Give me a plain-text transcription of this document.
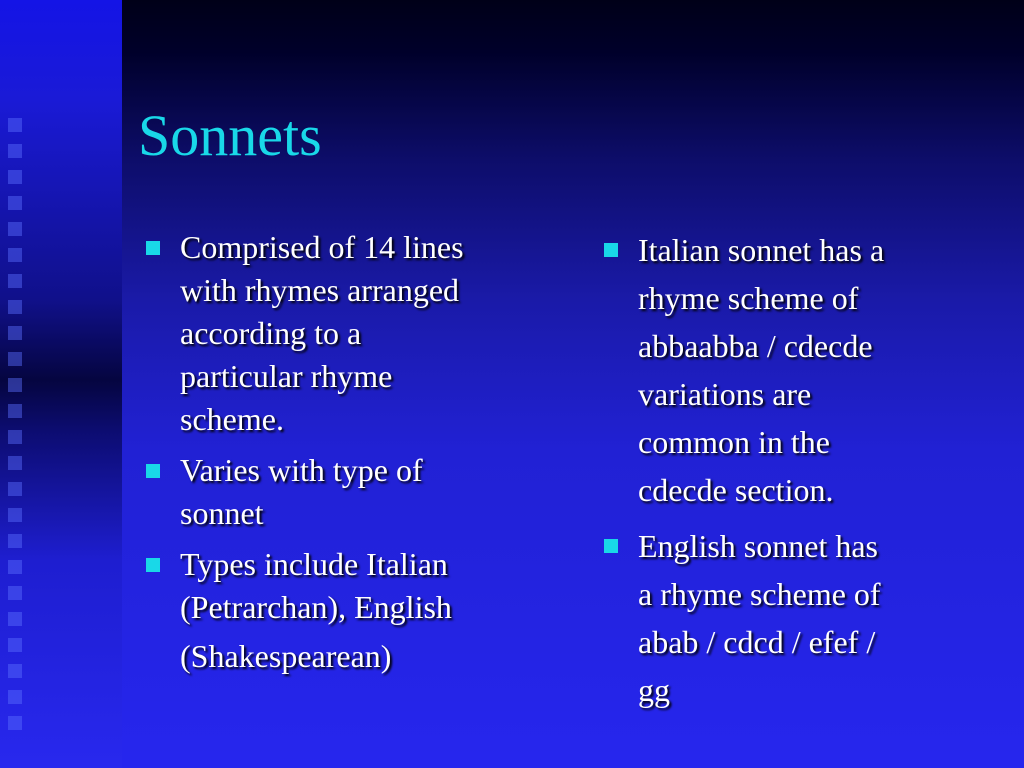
Sonnets
Comprised of 14 lines
with rhymes arranged
according to a
particular rhyme
scheme.
Varies with type of
sonnet
Types include Italian
(Petrarchan), English
(Shakespearean)
Italian sonnet has a
rhyme scheme of
abbaabba / cdecde
variations are
common in the
cdecde section.
English sonnet has
a rhyme scheme of
abab / cdcd / efef /
gg
